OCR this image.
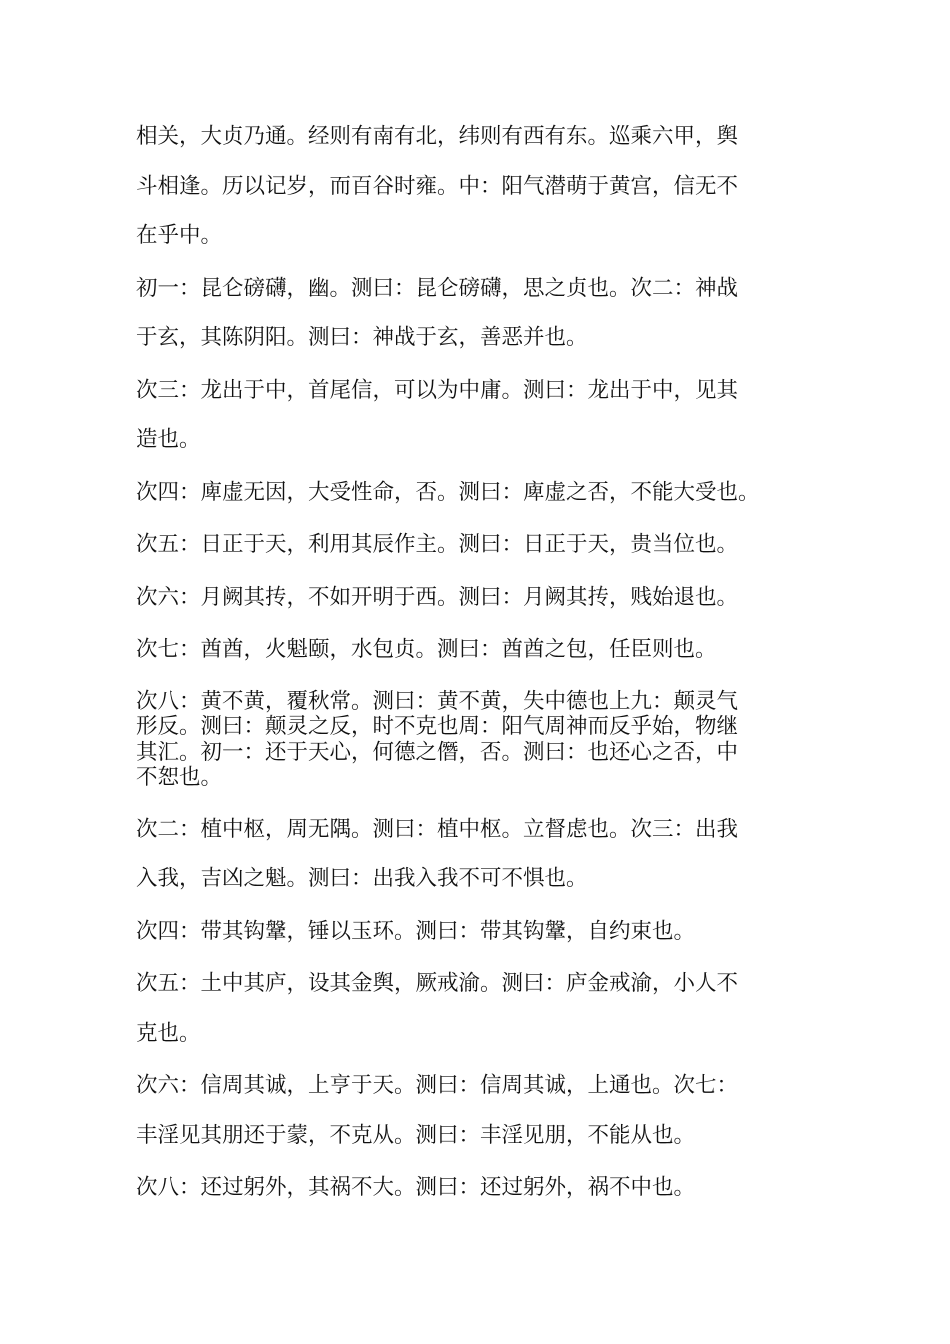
相关，大贞乃通。经则有南有北，纬则有西有东。巡乘六甲，舆
斗相逢。历以记岁，而百谷时雍。中：阳气潜萌于黄宫，信无不
在乎中。
初一：昆仑磅礴，幽。测曰：昆仑磅礴，思之贞也。次二：神战
于玄，其陈阴阳。测曰：神战于玄，善恶并也。
次三：龙出于中，首尾信，可以为中庸。测曰：龙出于中，见其
造也。
次四：庳虚无因，大受性命，否。测曰：庳虚之否，不能大受也。
次五：日正于天，利用其辰作主。测曰：日正于天，贵当位也。
次六：月阙其抟，不如开明于西。测曰：月阙其抟，贱始退也。
次七：酋酋，火魁颐，水包贞。测曰：酋酋之包，任臣则也。
次八：黄不黄，覆秋常。测曰：黄不黄，失中德也上九：颠灵气
形反。测曰：颠灵之反，时不克也周：阳气周神而反乎始，物继
其汇。初一：还于天心，何德之僭，否。测曰：也还心之否，中
不恕也。
次二：植中枢，周无隅。测曰：植中枢。立督虑也。次三：出我
入我，吉凶之魁。测曰：出我入我不可不惧也。
次四：带其钩鞶，锤以玉环。测曰：带其钩鞶，自约束也。
次五：土中其庐，设其金舆，厥戒渝。测曰：庐金戒渝，小人不
克也。
次六：信周其诚，上亨于天。测曰：信周其诚，上通也。次七：
丰淫见其朋还于蒙，不克从。测曰：丰淫见朋，不能从也。
次八：还过躬外，其祸不大。测曰：还过躬外，祸不中也。
